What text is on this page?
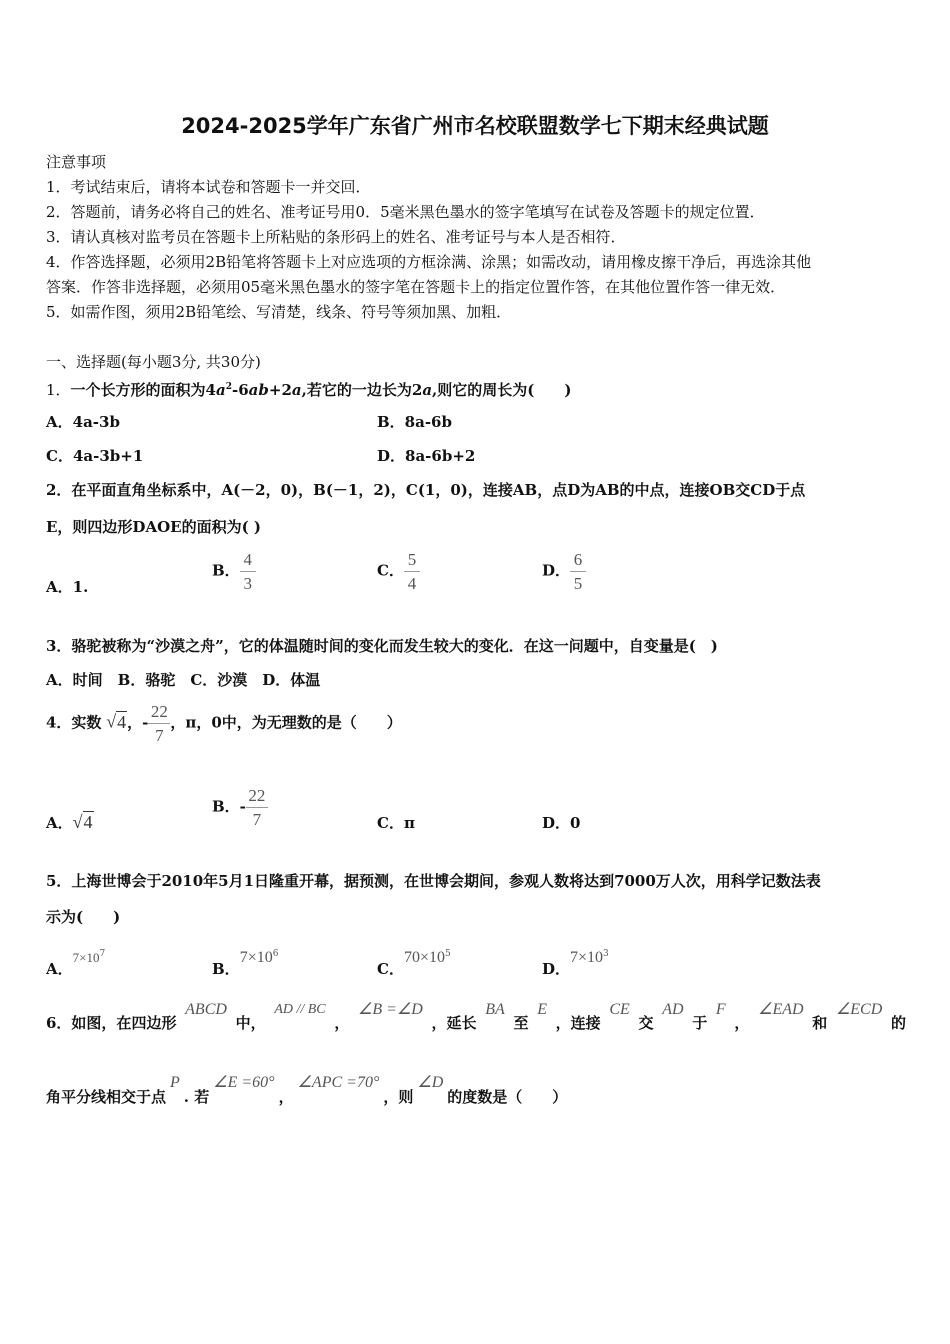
2024-2025学年广东省广州市名校联盟数学七下期末经典试题
注意事项
1．考试结束后，请将本试卷和答题卡一并交回．
2．答题前，请务必将自己的姓名、准考证号用0．5毫米黑色墨水的签字笔填写在试卷及答题卡的规定位置．
3．请认真核对监考员在答题卡上所粘贴的条形码上的姓名、准考证号与本人是否相符．
4．作答选择题，必须用2B铅笔将答题卡上对应选项的方框涂满、涂黑；如需改动，请用橡皮擦干净后，再选涂其他
答案．作答非选择题，必须用05毫米黑色墨水的签字笔在答题卡上的指定位置作答，在其他位置作答一律无效．
5．如需作图，须用2B铅笔绘、写清楚，线条、符号等须加黑、加粗．
一、选择题(每小题3分, 共30分)
1．一个长方形的面积为$4a^2-6ab+2a$,若它的一边长为2a,则它的周长为(　　)
A．4a-3b	B．8a-6b
C．4a-3b+1	D．8a-6b+2
2．在平面直角坐标系中，A(－2，0)，B(－1，2)，C(1，0)，连接AB，点D为AB的中点，连接OB交CD于点
E，则四边形DAOE的面积为( )
A．1.
B． $\frac{4}{3}$	C． $\frac{5}{4}$	D． $\frac{6}{5}$
3．骆驼被称为“沙漠之舟”，它的体温随时间的变化而发生较大的变化．在这一问题中，自变量是(　)
A．时间　B．骆驼　C．沙漠　D．体温
4．实数 √4，- $\frac{22}{7}$ ，π，0中，为无理数的是（　　）
A．√4
B．- $\frac{22}{7}$	C．π	D．0
5．上海世博会于2010年5月1日隆重开幕，据预测，在世博会期间，参观人数将达到7000万人次，用科学记数法表
示为(　　)
A．$7\times 10^7$
B．$7\times 10^6$
C．$70\times 10^5$
D．$7\times 10^3$
6．如图，在四边形
ABCD
中，
AD // BC
，
∠B =∠D
，延长
BA
至
E
，连接
CE
交
AD
于
F
，
∠EAD
和
∠ECD
的
角平分线相交于点
P
. 若
∠E =60°
，
∠APC =70°
，则
∠D
的度数是（　　）
